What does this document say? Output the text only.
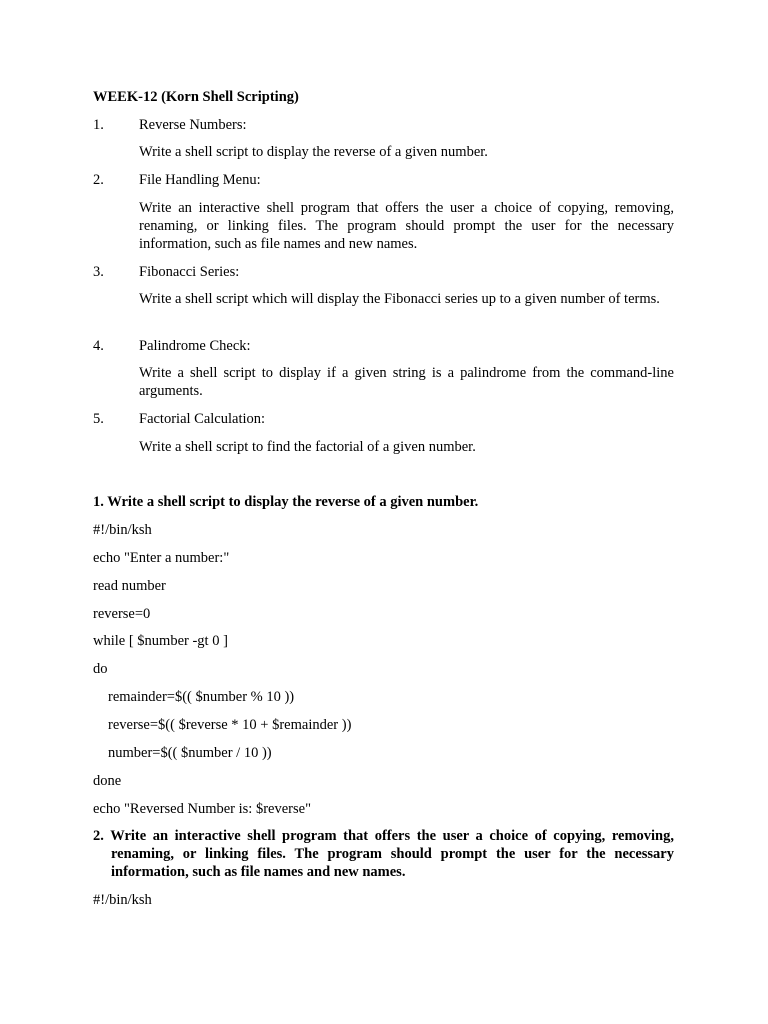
WEEK-12 (Korn Shell Scripting)
1. Reverse Numbers:
Write a shell script to display the reverse of a given number.
2. File Handling Menu:
Write an interactive shell program that offers the user a choice of copying, removing, renaming, or linking files. The program should prompt the user for the necessary information, such as file names and new names.
3. Fibonacci Series:
Write a shell script which will display the Fibonacci series up to a given number of terms.
4. Palindrome Check:
Write a shell script to display if a given string is a palindrome from the command-line arguments.
5. Factorial Calculation:
Write a shell script to find the factorial of a given number.
1. Write a shell script to display the reverse of a given number.
#!/bin/ksh
echo "Enter a number:"
read number
reverse=0
while [ $number -gt 0 ]
do
remainder=$(( $number % 10 ))
reverse=$(( $reverse * 10 + $remainder ))
number=$(( $number / 10 ))
done
echo "Reversed Number is: $reverse"
2. Write an interactive shell program that offers the user a choice of copying, removing, renaming, or linking files. The program should prompt the user for the necessary information, such as file names and new names.
#!/bin/ksh
